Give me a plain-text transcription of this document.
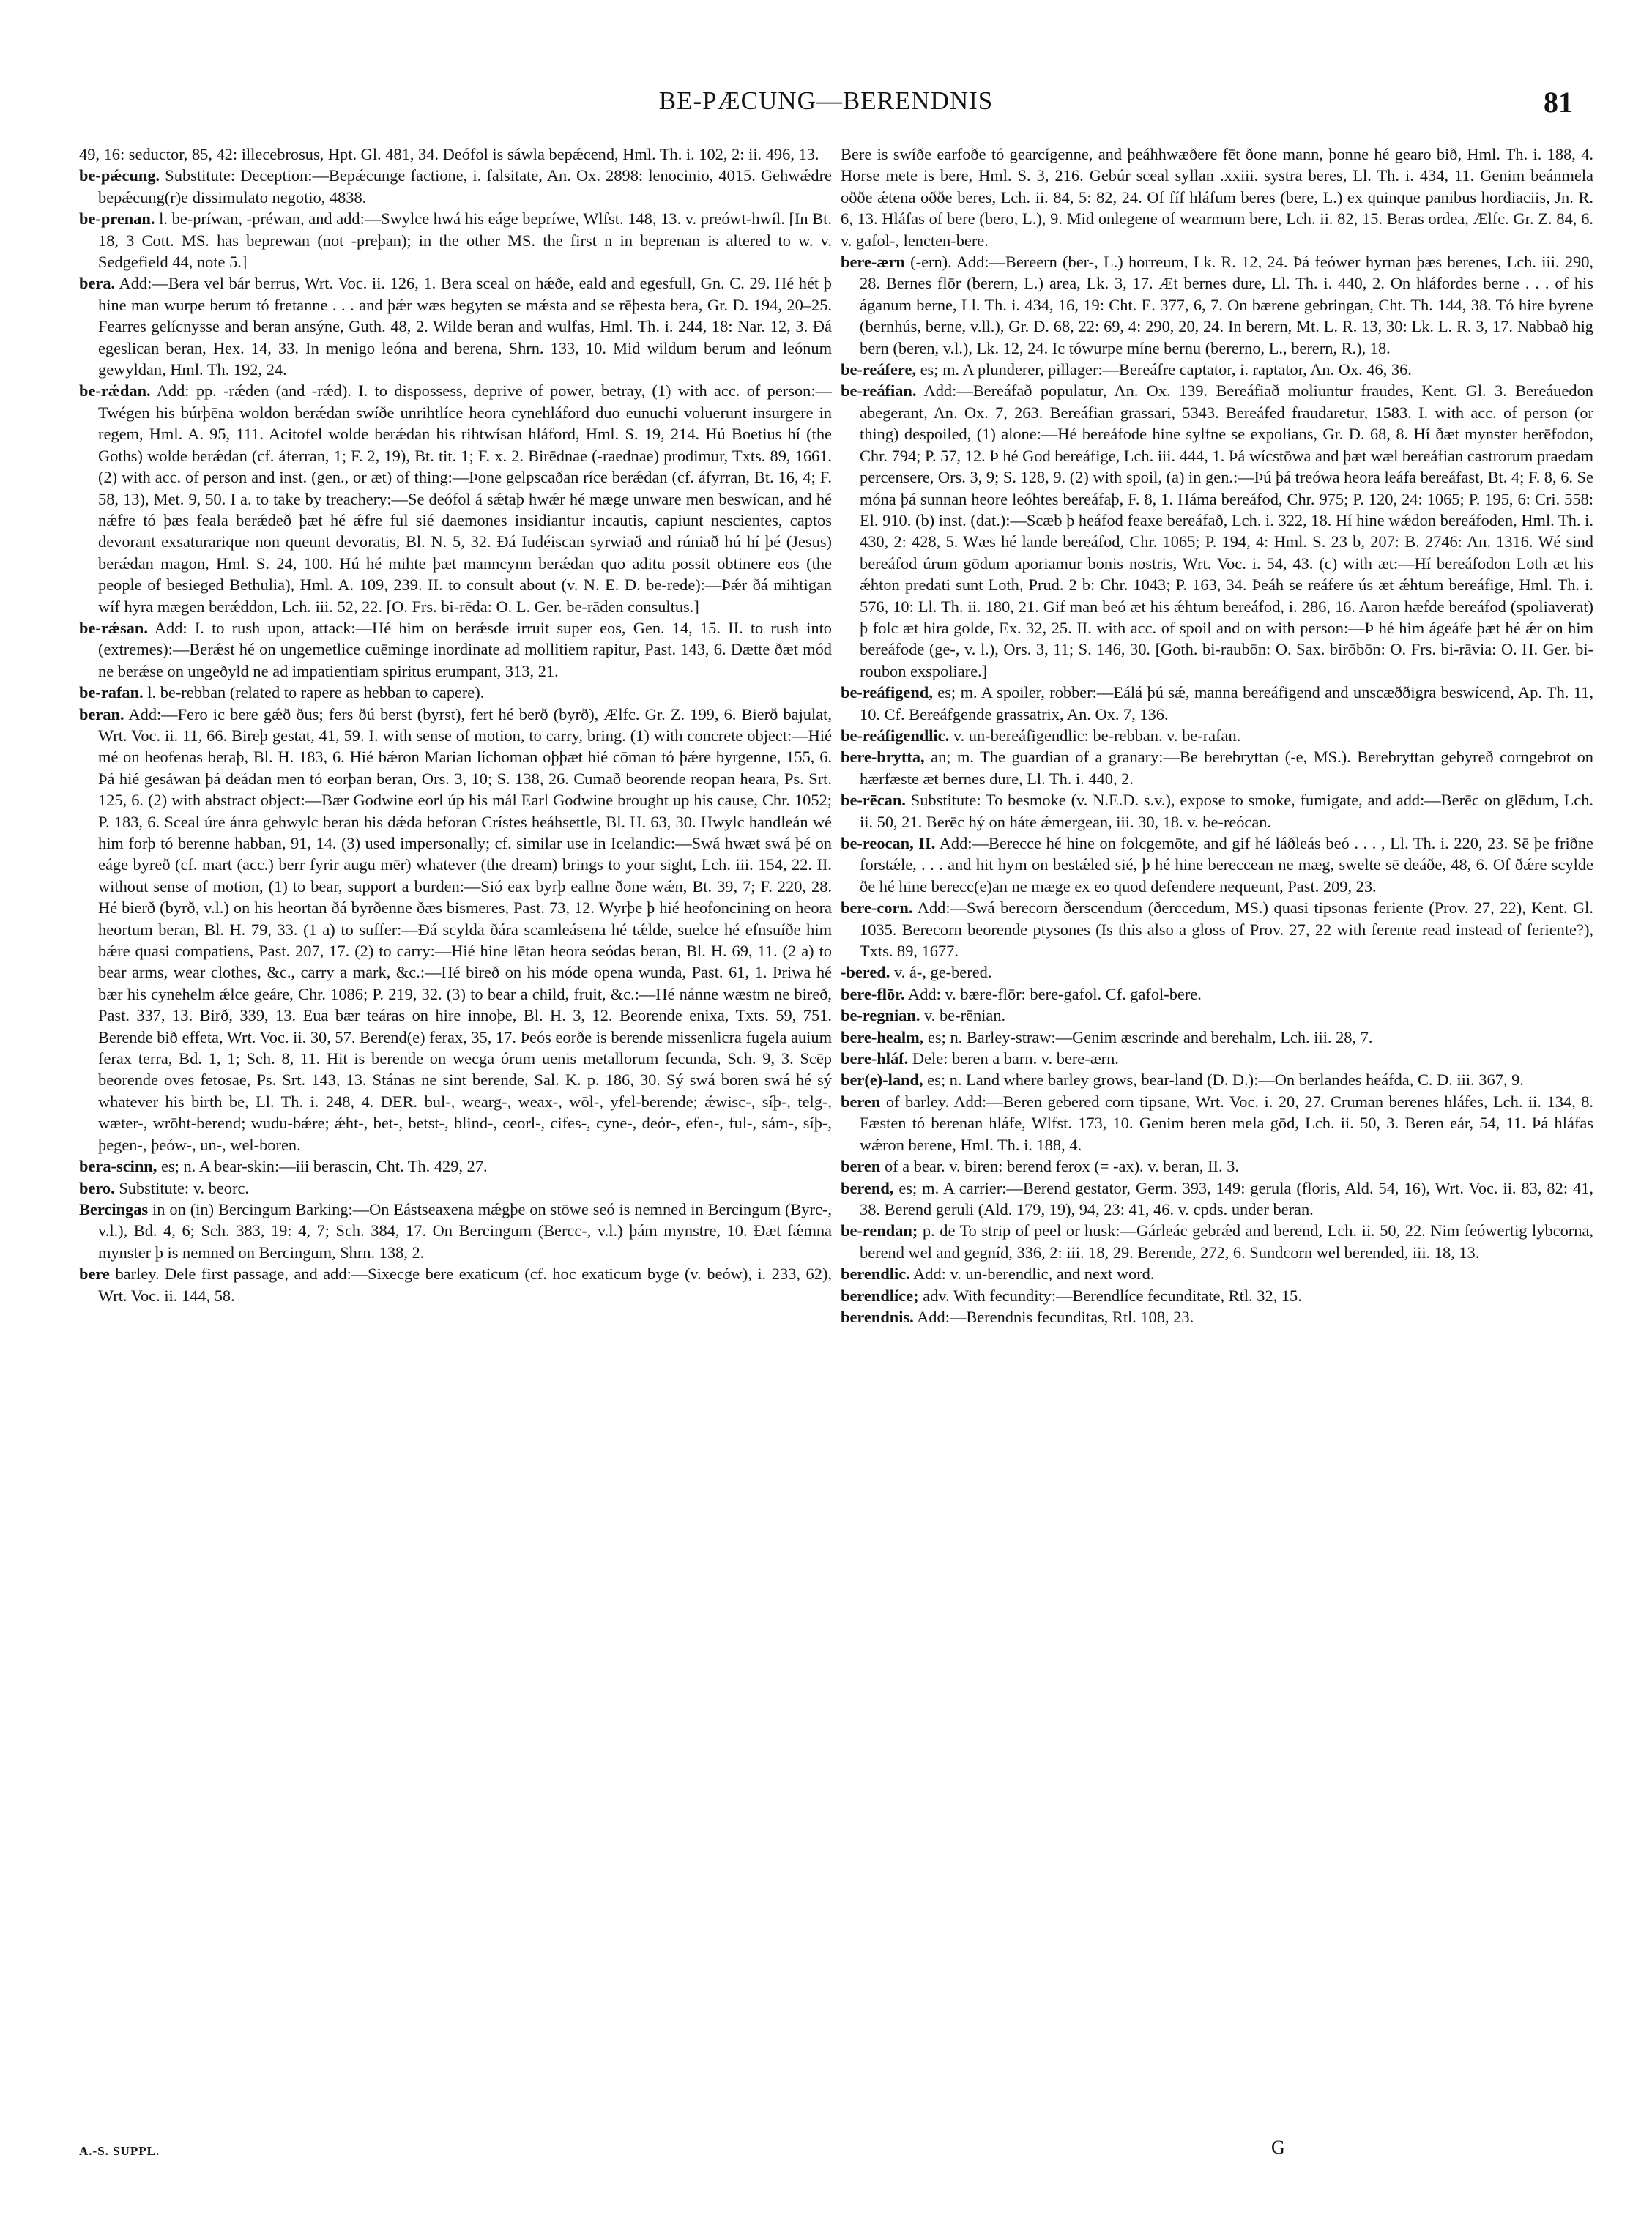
BE-PÆCUNG—BERENDNIS	81

49, 16: seductor, 85, 42: illecebrosus, Hpt. Gl. 481, 34. Deófol is sáwla bepǽcend, Hml. Th. i. 102, 2: ii. 496, 13.

be-pǽcung. Substitute: Deception:—Bepǽcunge factione, i. falsitate, An. Ox. 2898: lenocinio, 4015. Gehwǽdre bepǽcung(r)e dissimulato negotio, 4838.

be-prenan. l. be-príwan, -préwan, and add:—Swylce hwá his eáge bepríwe, Wlfst. 148, 13. v. preówt-hwíl. [In Bt. 18, 3 Cott. MS. has beprewan (not -preþan); in the other MS. the first n in beprenan is altered to w. v. Sedgefield 44, note 5.]

bera. Add:—Bera vel bár berrus, Wrt. Voc. ii. 126, 1. Bera sceal on hǽðe, eald and egesfull, Gn. C. 29. Hé hét þ hine man wurpe berum tó fretanne . . . and þǽr wæs begyten se mǽsta and se rēþesta bera, Gr. D. 194, 20–25. Fearres gelícnysse and beran ansýne, Guth. 48, 2. Wilde beran and wulfas, Hml. Th. i. 244, 18: Nar. 12, 3. Ðá egeslican beran, Hex. 14, 33. In menigo leóna and berena, Shrn. 133, 10. Mid wildum berum and leónum gewyldan, Hml. Th. 192, 24.

be-rǽdan. Add: pp. -rǽden (and -rǽd). I. to dispossess, deprive of power, betray, (1) with acc. of person:—Twégen his búrþēna woldon berǽdan swíðe unrihtlíce heora cynehláford duo eunuchi voluerunt insurgere in regem, Hml. A. 95, 111. Acitofel wolde berǽdan his rihtwísan hláford, Hml. S. 19, 214. Hú Boetius hí (the Goths) wolde berǽdan (cf. áferran, 1; F. 2, 19), Bt. tit. 1; F. x. 2. Birēdnae (-raednae) prodimur, Txts. 89, 1661. (2) with acc. of person and inst. (gen., or æt) of thing:—Þone gelpscaðan ríce berǽdan (cf. áfyrran, Bt. 16, 4; F. 58, 13), Met. 9, 50. I a. to take by treachery:—Se deófol á sǽtaþ hwǽr hé mæge unware men beswícan, and hé nǽfre tó þæs feala berǽdeð þæt hé ǽfre ful sié daemones insidiantur incautis, capiunt nescientes, captos devorant exsaturarique non queunt devoratis, Bl. N. 5, 32. Ðá Iudéiscan syrwiað and rúniað hú hí þé (Jesus) berǽdan magon, Hml. S. 24, 100. Hú hé mihte þæt manncynn berǽdan quo aditu possit obtinere eos (the people of besieged Bethulia), Hml. A. 109, 239. II. to consult about (v. N. E. D. be-rede):—Þǽr ðá mihtigan wíf hyra mægen berǽddon, Lch. iii. 52, 22. [O. Frs. bi-rēda: O. L. Ger. be-rāden consultus.]

be-rǽsan. Add: I. to rush upon, attack:—Hé him on berǽsde irruit super eos, Gen. 14, 15. II. to rush into (extremes):—Berǽst hé on ungemetlice cuēminge inordinate ad mollitiem rapitur, Past. 143, 6. Ðætte ðæt mód ne berǽse on ungeðyld ne ad impatientiam spiritus erumpant, 313, 21.

be-rafan. l. be-rebban (related to rapere as hebban to capere).

beran. Add:—Fero ic bere gǽð ðus; fers ðú berst (byrst), fert hé berð (byrð), Ælfc. Gr. Z. 199, 6. Bierð bajulat, Wrt. Voc. ii. 11, 66. Bireþ gestat, 41, 59. I. with sense of motion, to carry, bring. (1) with concrete object:—Hié mé on heofenas beraþ, Bl. H. 183, 6. Hié bǽron Marian líchoman oþþæt hié cōman tó þǽre byrgenne, 155, 6. Þá hié gesáwan þá deádan men tó eorþan beran, Ors. 3, 10; S. 138, 26. Cumað beorende reopan heara, Ps. Srt. 125, 6. (2) with abstract object:—Bær Godwine eorl úp his mál Earl Godwine brought up his cause, Chr. 1052; P. 183, 6. Sceal úre ánra gehwylc beran his dǽda beforan Crístes heáhsettle, Bl. H. 63, 30. Hwylc handleán wé him forþ tó berenne habban, 91, 14. (3) used impersonally; cf. similar use in Icelandic:—Swá hwæt swá þé on eáge byreð (cf. mart (acc.) berr fyrir augu mēr) whatever (the dream) brings to your sight, Lch. iii. 154, 22. II. without sense of motion, (1) to bear, support a burden:—Sió eax byrþ eallne ðone wǽn, Bt. 39, 7; F. 220, 28. Hé bierð (byrð, v.l.) on his heortan ðá byrðenne ðæs bismeres, Past. 73, 12. Wyrþe þ hié heofoncining on heora heortum beran, Bl. H. 79, 33. (1 a) to suffer:—Ðá scylda ðára scamleásena hé tǽlde, suelce hé efnsuíðe him bǽre quasi compatiens, Past. 207, 17. (2) to carry:—Hié hine lētan heora seódas beran, Bl. H. 69, 11. (2 a) to bear arms, wear clothes, &c., carry a mark, &c.:—Hé bireð on his móde opena wunda, Past. 61, 1. Þriwa hé bær his cynehelm ǽlce geáre, Chr. 1086; P. 219, 32. (3) to bear a child, fruit, &c.:—Hé nánne wæstm ne bireð, Past. 337, 13. Birð, 339, 13. Eua bær teáras on hire innoþe, Bl. H. 3, 12. Beorende enixa, Txts. 59, 751. Berende bið effeta, Wrt. Voc. ii. 30, 57. Berend(e) ferax, 35, 17. Þeós eorðe is berende missenlicra fugela auium ferax terra, Bd. 1, 1; Sch. 8, 11. Hit is berende on wecga órum uenis metallorum fecunda, Sch. 9, 3. Scēp beorende oves fetosae, Ps. Srt. 143, 13. Stánas ne sint berende, Sal. K. p. 186, 30. Sý swá boren swá hé sý whatever his birth be, Ll. Th. i. 248, 4. DER. bul-, wearg-, weax-, wōl-, yfel-berende; ǽwisc-, síþ-, telg-, wæter-, wrōht-berend; wudu-bǽre; ǽht-, bet-, betst-, blind-, ceorl-, cifes-, cyne-, deór-, efen-, ful-, sám-, síþ-, þegen-, þeów-, un-, wel-boren.

bera-scinn, es; n. A bear-skin:—iii berascin, Cht. Th. 429, 27.

bero. Substitute: v. beorc.

Bercingas in on (in) Bercingum Barking:—On Eástseaxena mǽgþe on stōwe seó is nemned in Bercingum (Byrc-, v.l.), Bd. 4, 6; Sch. 383, 19: 4, 7; Sch. 384, 17. On Bercingum (Bercc-, v.l.) þám mynstre, 10. Ðæt fǽmna mynster þ is nemned on Bercingum, Shrn. 138, 2.

bere barley. Dele first passage, and add:—Sixecge bere exaticum (cf. hoc exaticum byge (v. beów), i. 233, 62), Wrt. Voc. ii. 144, 58.

Bere is swíðe earfoðe tó gearcígenne, and þeáhhwæðere fēt ðone mann, þonne hé gearo bið, Hml. Th. i. 188, 4. Horse mete is bere, Hml. S. 3, 216. Gebúr sceal syllan .xxiii. systra beres, Ll. Th. i. 434, 11. Genim beánmela oððe ǽtena oððe beres, Lch. ii. 84, 5: 82, 24. Of fíf hláfum beres (bere, L.) ex quinque panibus hordiaciis, Jn. R. 6, 13. Hláfas of bere (bero, L.), 9. Mid onlegene of wearmum bere, Lch. ii. 82, 15. Beras ordea, Ælfc. Gr. Z. 84, 6. v. gafol-, lencten-bere.

bere-ærn (-ern). Add:—Bereern (ber-, L.) horreum, Lk. R. 12, 24. Þá feówer hyrnan þæs berenes, Lch. iii. 290, 28. Bernes flōr (berern, L.) area, Lk. 3, 17. Æt bernes dure, Ll. Th. i. 440, 2. On hláfordes berne . . . of his áganum berne, Ll. Th. i. 434, 16, 19: Cht. E. 377, 6, 7. On bærene gebringan, Cht. Th. 144, 38. Tó hire byrene (bernhús, berne, v.ll.), Gr. D. 68, 22: 69, 4: 290, 20, 24. In berern, Mt. L. R. 13, 30: Lk. L. R. 3, 17. Nabbað hig bern (beren, v.l.), Lk. 12, 24. Ic tówurpe míne bernu (bererno, L., berern, R.), 18.

be-reáfere, es; m. A plunderer, pillager:—Bereáfre captator, i. raptator, An. Ox. 46, 36.

be-reáfian. Add:—Bereáfað populatur, An. Ox. 139. Bereáfiað moliuntur fraudes, Kent. Gl. 3. Bereáuedon abegerant, An. Ox. 7, 263. Bereáfian grassari, 5343. Bereáfed fraudaretur, 1583. I. with acc. of person (or thing) despoiled, (1) alone:—Hé bereáfode hine sylfne se expolians, Gr. D. 68, 8. Hí ðæt mynster berēfodon, Chr. 794; P. 57, 12. Þ hé God bereáfige, Lch. iii. 444, 1. Þá wícstōwa and þæt wæl bereáfian castrorum praedam percensere, Ors. 3, 9; S. 128, 9. (2) with spoil, (a) in gen.:—Þú þá treówa heora leáfa bereáfast, Bt. 4; F. 8, 6. Se móna þá sunnan heore leóhtes bereáfaþ, F. 8, 1. Háma bereáfod, Chr. 975; P. 120, 24: 1065; P. 195, 6: Cri. 558: El. 910. (b) inst. (dat.):—Scæb þ heáfod feaxe bereáfað, Lch. i. 322, 18. Hí hine wǽdon bereáfoden, Hml. Th. i. 430, 2: 428, 5. Wæs hé lande bereáfod, Chr. 1065; P. 194, 4: Hml. S. 23 b, 207: B. 2746: An. 1316. Wé sind bereáfod úrum gōdum aporiamur bonis nostris, Wrt. Voc. i. 54, 43. (c) with æt:—Hí bereáfodon Loth æt his ǽhton predati sunt Loth, Prud. 2 b: Chr. 1043; P. 163, 34. Þeáh se reáfere ús æt ǽhtum bereáfige, Hml. Th. i. 576, 10: Ll. Th. ii. 180, 21. Gif man beó æt his ǽhtum bereáfod, i. 286, 16. Aaron hæfde bereáfod (spoliaverat) þ folc æt hira golde, Ex. 32, 25. II. with acc. of spoil and on with person:—Þ hé him ágeáfe þæt hé ǽr on him bereáfode (ge-, v. l.), Ors. 3, 11; S. 146, 30. [Goth. bi-raubōn: O. Sax. birōbōn: O. Frs. bi-rāvia: O. H. Ger. bi-roubon exspoliare.]

be-reáfigend, es; m. A spoiler, robber:—Eálá þú sǽ, manna bereáfigend and unscæððigra beswícend, Ap. Th. 11, 10. Cf. Bereáfgende grassatrix, An. Ox. 7, 136.

be-reáfigendlic. v. un-bereáfigendlic: be-rebban. v. be-rafan.

bere-brytta, an; m. The guardian of a granary:—Be berebryttan (-e, MS.). Berebryttan gebyreð corngebrot on hærfæste æt bernes dure, Ll. Th. i. 440, 2.

be-rēcan. Substitute: To besmoke (v. N.E.D. s.v.), expose to smoke, fumigate, and add:—Berēc on glēdum, Lch. ii. 50, 21. Berēc hý on háte ǽmergean, iii. 30, 18. v. be-reócan.

be-reocan, II. Add:—Berecce hé hine on folcgemōte, and gif hé láðleás beó . . . , Ll. Th. i. 220, 23. Sē þe friðne forstǽle, . . . and hit hym on bestǽled sié, þ hé hine bereccean ne mæg, swelte sē deáðe, 48, 6. Of ðǽre scylde ðe hé hine berecc(e)an ne mæge ex eo quod defendere nequeunt, Past. 209, 23.

bere-corn. Add:—Swá berecorn ðerscendum (ðerccedum, MS.) quasi tipsonas feriente (Prov. 27, 22), Kent. Gl. 1035. Berecorn beorende ptysones (Is this also a gloss of Prov. 27, 22 with ferente read instead of feriente?), Txts. 89, 1677.

-bered. v. á-, ge-bered.

bere-flōr. Add: v. bære-flōr: bere-gafol. Cf. gafol-bere.

be-regnian. v. be-rēnian.

bere-healm, es; n. Barley-straw:—Genim æscrinde and berehalm, Lch. iii. 28, 7.

bere-hláf. Dele: beren a barn. v. bere-ærn.

ber(e)-land, es; n. Land where barley grows, bear-land (D. D.):—On berlandes heáfda, C. D. iii. 367, 9.

beren of barley. Add:—Beren gebered corn tipsane, Wrt. Voc. i. 20, 27. Cruman berenes hláfes, Lch. ii. 134, 8. Fæsten tó berenan hláfe, Wlfst. 173, 10. Genim beren mela gōd, Lch. ii. 50, 3. Beren eár, 54, 11. Þá hláfas wǽron berene, Hml. Th. i. 188, 4.

beren of a bear. v. biren: berend ferox (= -ax). v. beran, II. 3.

berend, es; m. A carrier:—Berend gestator, Germ. 393, 149: gerula (floris, Ald. 54, 16), Wrt. Voc. ii. 83, 82: 41, 38. Berend geruli (Ald. 179, 19), 94, 23: 41, 46. v. cpds. under beran.

be-rendan; p. de To strip of peel or husk:—Gárleác gebrǽd and berend, Lch. ii. 50, 22. Nim feówertig lybcorna, berend wel and gegníd, 336, 2: iii. 18, 29. Berende, 272, 6. Sundcorn wel berended, iii. 18, 13.

berendlic. Add: v. un-berendlic, and next word.

berendlíce; adv. With fecundity:—Berendlíce fecunditate, Rtl. 32, 15.

berendnis. Add:—Berendnis fecunditas, Rtl. 108, 23.

A.-S. SUPPL.	G
